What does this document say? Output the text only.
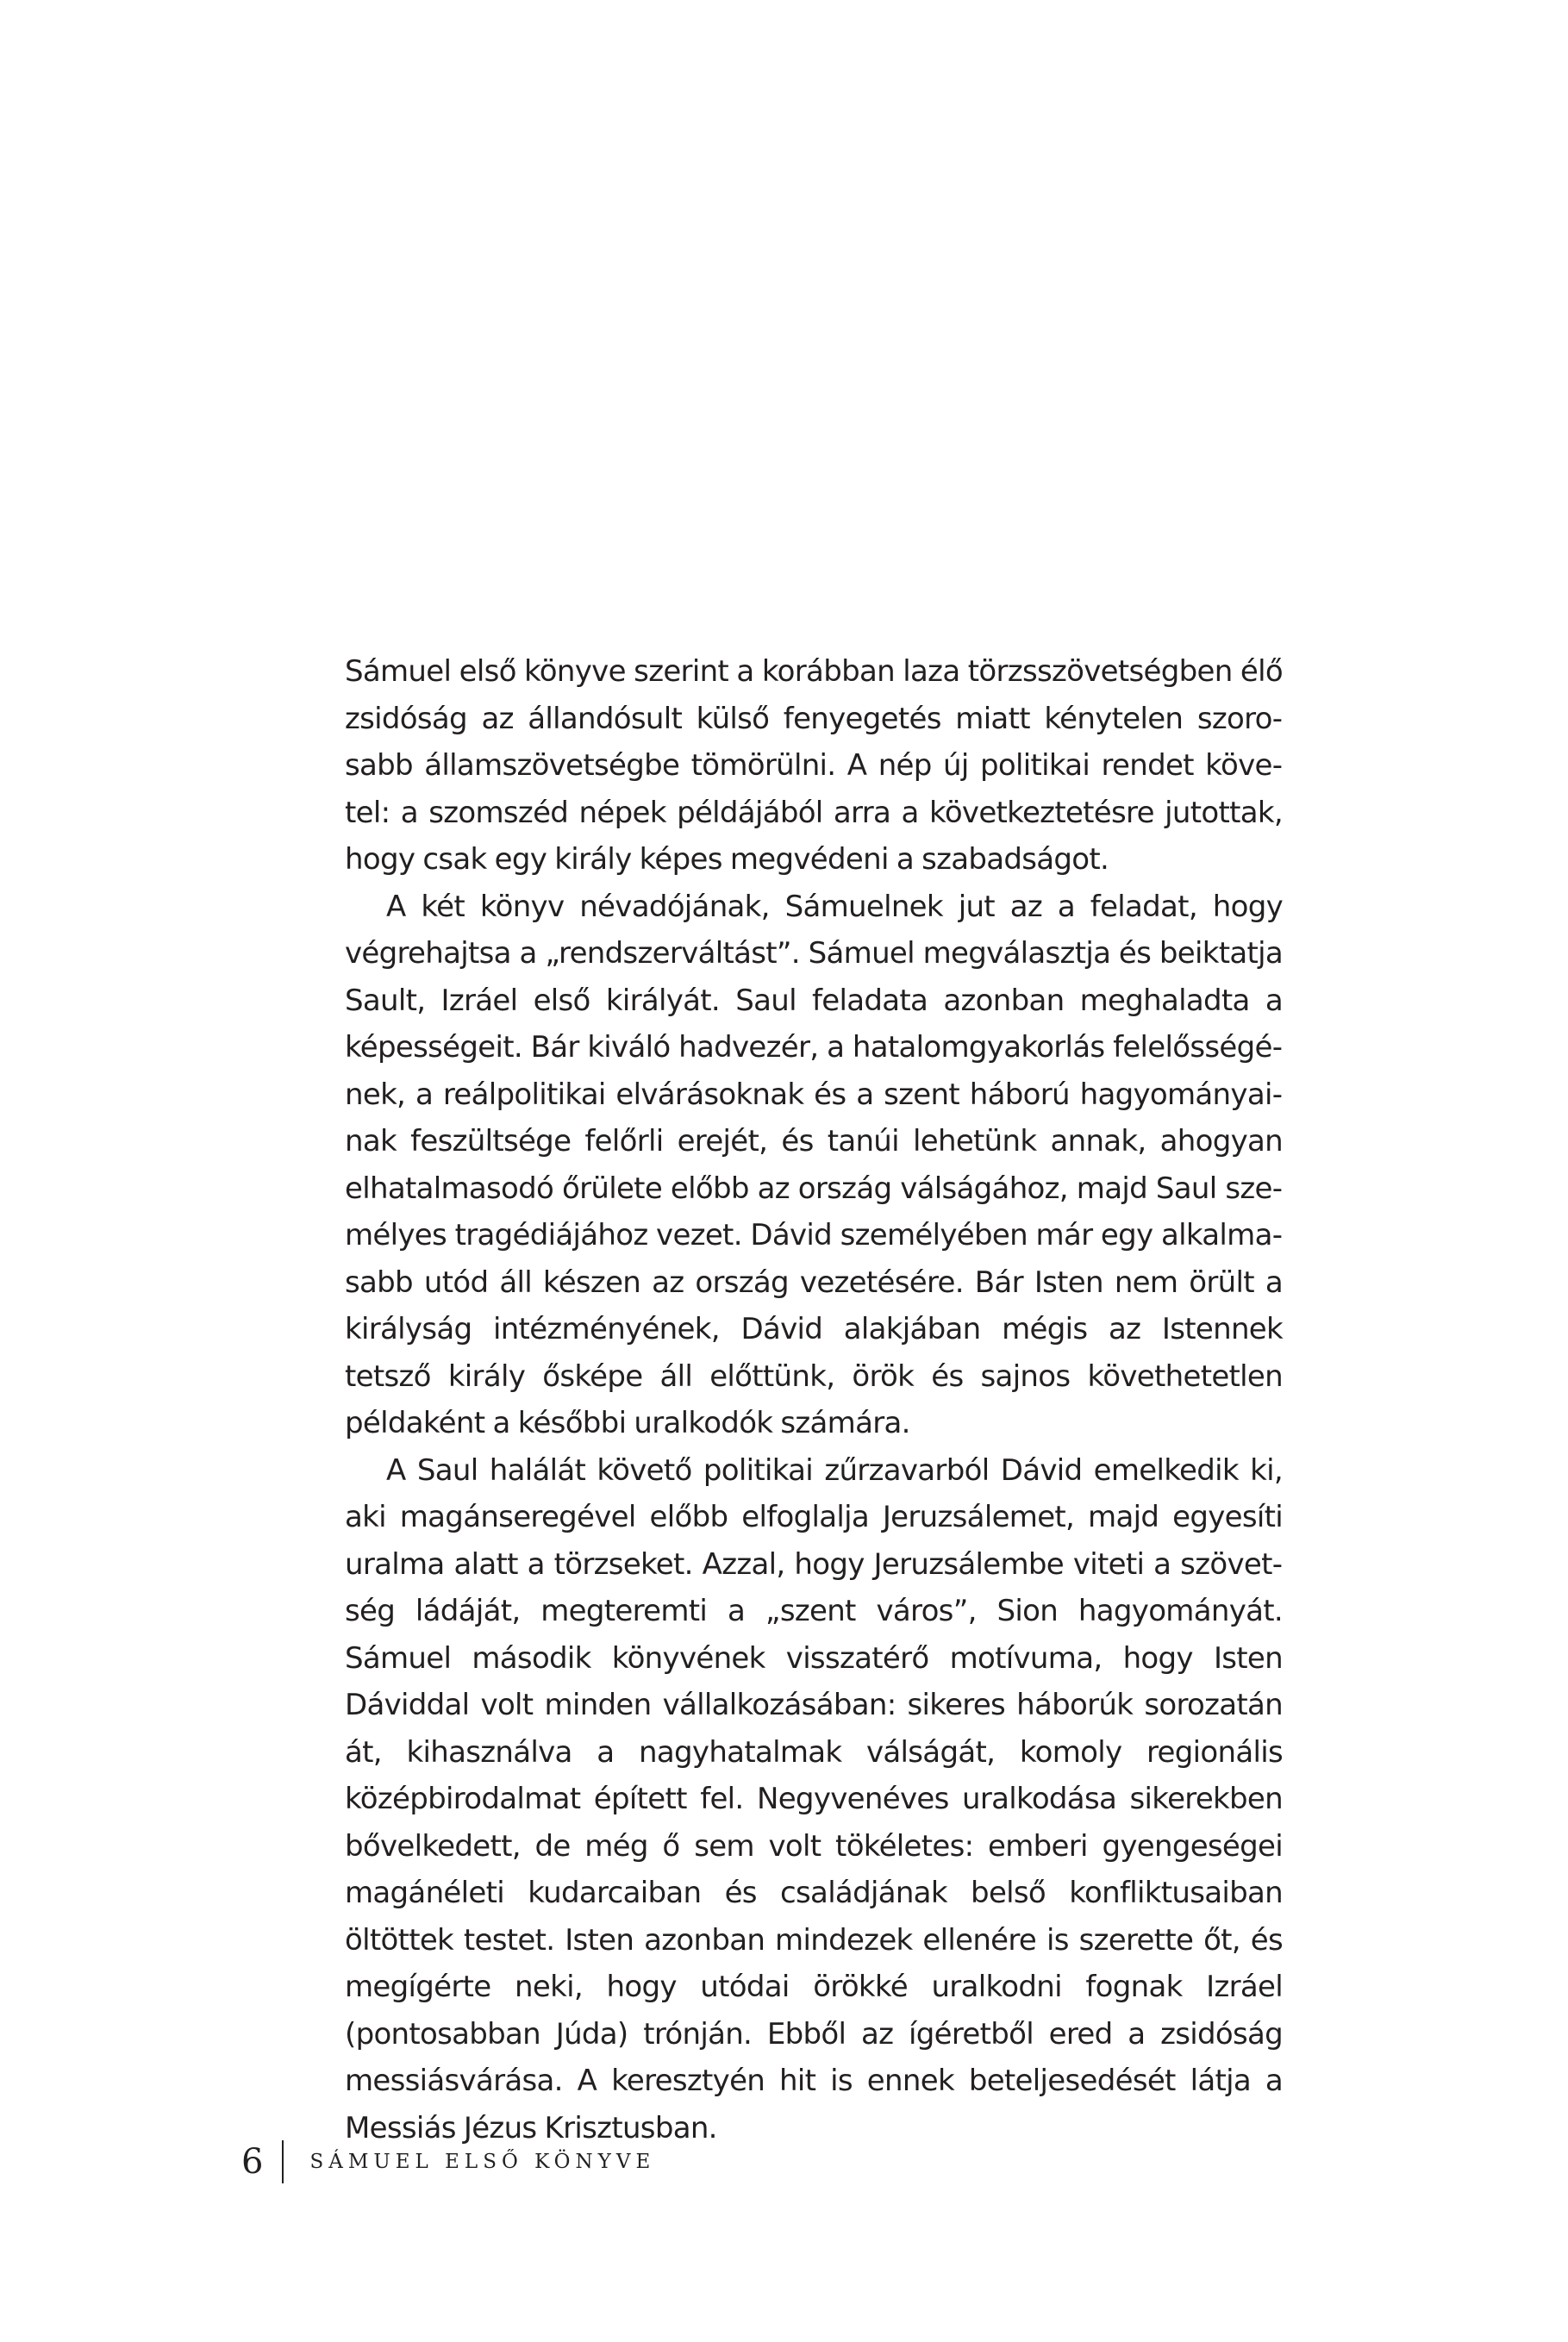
Sámuel első könyve szerint a korábban laza törzsszövetségben élő zsidóság az állandósult külső fenyegetés miatt kénytelen szorosabb államszövetségbe tömörülni. A nép új politikai rendet követel: a szomszéd népek példájából arra a következtetésre jutottak, hogy csak egy király képes megvédeni a szabadságot.

A két könyv névadójának, Sámuelnek jut az a feladat, hogy végrehajtsa a „rendszerváltást”. Sámuel megválasztja és beiktatja Sault, Izráel első királyát. Saul feladata azonban meghaladta a képességeit. Bár kiváló hadvezér, a hatalomgyakorlás felelősségének, a reálpolitikai elvárásoknak és a szent háború hagyományainak feszültsége felőrli erejét, és tanúi lehetünk annak, ahogyan elhatalmasodó őrülete előbb az ország válságához, majd Saul személyes tragédiájához vezet. Dávid személyében már egy alkalmasabb utód áll készen az ország vezetésére. Bár Isten nem örült a királyság intézményének, Dávid alakjában mégis az Istennek tetsző király ősképe áll előttünk, örök és sajnos követhetetlen példaként a későbbi uralkodók számára.

A Saul halálát követő politikai zűrzavarból Dávid emelkedik ki, aki magánseregével előbb elfoglalja Jeruzsálemet, majd egyesíti uralma alatt a törzseket. Azzal, hogy Jeruzsálembe viteti a szövetség ládáját, megteremti a „szent város”, Sion hagyományát. Sámuel második könyvének visszatérő motívuma, hogy Isten Dáviddal volt minden vállalkozásában: sikeres háborúk sorozatán át, kihasználva a nagyhatalmak válságát, komoly regionális középbirodalmat épített fel. Negyvenéves uralkodása sikerekben bővelkedett, de még ő sem volt tökéletes: emberi gyengeségei magánéleti kudarcaiban és családjának belső konfliktusaiban öltöttek testet. Isten azonban mindezek ellenére is szerette őt, és megígérte neki, hogy utódai örökké uralkodni fognak Izráel (pontosabban Júda) trónján. Ebből az ígéretből ered a zsidóság messiásvárása. A keresztyén hit is ennek beteljesedését látja a Messiás Jézus Krisztusban.

6 SÁMUEL ELSŐ KÖNYVE
